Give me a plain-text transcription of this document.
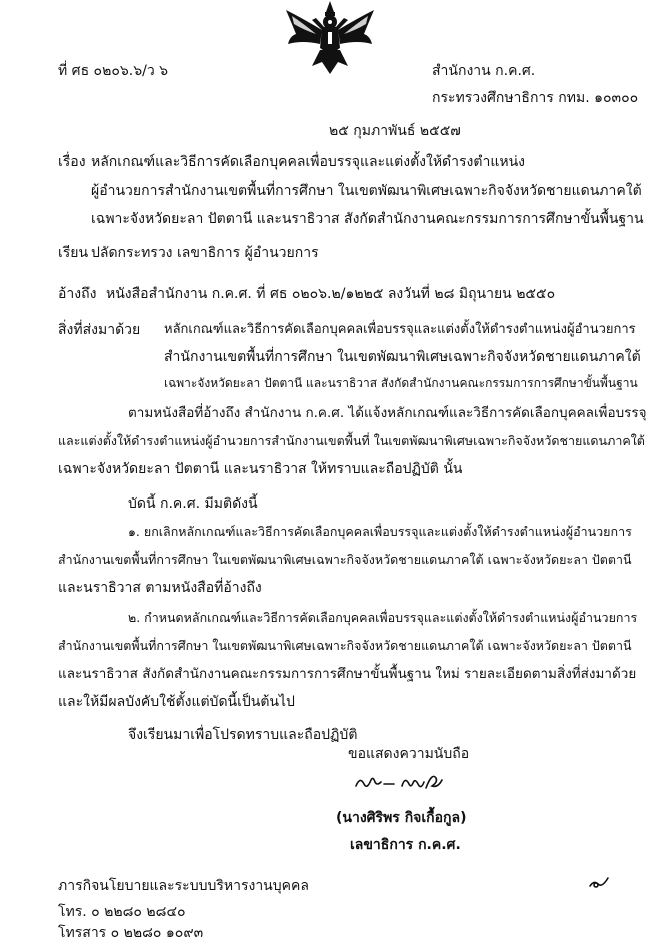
ที่ ศธ ๐๒๐๖.๖/ว ๖	สำนักงาน ก.ค.ศ.
กระทรวงศึกษาธิการ กทม. ๑๐๓๐๐
๒๕ กุมภาพันธ์ ๒๕๕๗
เรื่อง หลักเกณฑ์และวิธีการคัดเลือกบุคคลเพื่อบรรจุและแต่งตั้งให้ดำรงตำแหน่ง
ผู้อำนวยการสำนักงานเขตพื้นที่การศึกษา ในเขตพัฒนาพิเศษเฉพาะกิจจังหวัดชายแดนภาคใต้
เฉพาะจังหวัดยะลา ปัตตานี และนราธิวาส สังกัดสำนักงานคณะกรรมการการศึกษาขั้นพื้นฐาน
เรียน ปลัดกระทรวง เลขาธิการ ผู้อำนวยการ
อ้างถึง หนังสือสำนักงาน ก.ค.ศ. ที่ ศธ ๐๒๐๖.๒/๑๒๒๕ ลงวันที่ ๒๘ มิถุนายน ๒๕๕๐
สิ่งที่ส่งมาด้วย หลักเกณฑ์และวิธีการคัดเลือกบุคคลเพื่อบรรจุและแต่งตั้งให้ดำรงตำแหน่งผู้อำนวยการ
สำนักงานเขตพื้นที่การศึกษา ในเขตพัฒนาพิเศษเฉพาะกิจจังหวัดชายแดนภาคใต้
เฉพาะจังหวัดยะลา ปัตตานี และนราธิวาส สังกัดสำนักงานคณะกรรมการการศึกษาขั้นพื้นฐาน
ตามหนังสือที่อ้างถึง สำนักงาน ก.ค.ศ. ได้แจ้งหลักเกณฑ์และวิธีการคัดเลือกบุคคลเพื่อบรรจุ
และแต่งตั้งให้ดำรงตำแหน่งผู้อำนวยการสำนักงานเขตพื้นที่ ในเขตพัฒนาพิเศษเฉพาะกิจจังหวัดชายแดนภาคใต้
เฉพาะจังหวัดยะลา ปัตตานี และนราธิวาส ให้ทราบและถือปฏิบัติ นั้น
บัดนี้ ก.ค.ศ. มีมติดังนี้
๑. ยกเลิกหลักเกณฑ์และวิธีการคัดเลือกบุคคลเพื่อบรรจุและแต่งตั้งให้ดำรงตำแหน่งผู้อำนวยการ
สำนักงานเขตพื้นที่การศึกษา ในเขตพัฒนาพิเศษเฉพาะกิจจังหวัดชายแดนภาคใต้ เฉพาะจังหวัดยะลา ปัตตานี
และนราธิวาส ตามหนังสือที่อ้างถึง
๒. กำหนดหลักเกณฑ์และวิธีการคัดเลือกบุคคลเพื่อบรรจุและแต่งตั้งให้ดำรงตำแหน่งผู้อำนวยการ
สำนักงานเขตพื้นที่การศึกษา ในเขตพัฒนาพิเศษเฉพาะกิจจังหวัดชายแดนภาคใต้ เฉพาะจังหวัดยะลา ปัตตานี
และนราธิวาส สังกัดสำนักงานคณะกรรมการการศึกษาขั้นพื้นฐาน ใหม่ รายละเอียดตามสิ่งที่ส่งมาด้วย
และให้มีผลบังคับใช้ตั้งแต่บัดนี้เป็นต้นไป
จึงเรียนมาเพื่อโปรดทราบและถือปฏิบัติ
ขอแสดงความนับถือ
(นางศิริพร กิจเกื้อกูล)
เลขาธิการ ก.ค.ศ.
ภารกิจนโยบายและระบบบริหารงานบุคคล
โทร. ๐ ๒๒๘๐ ๒๘๔๐
โทรสาร ๐ ๒๒๘๐ ๑๐๙๓
